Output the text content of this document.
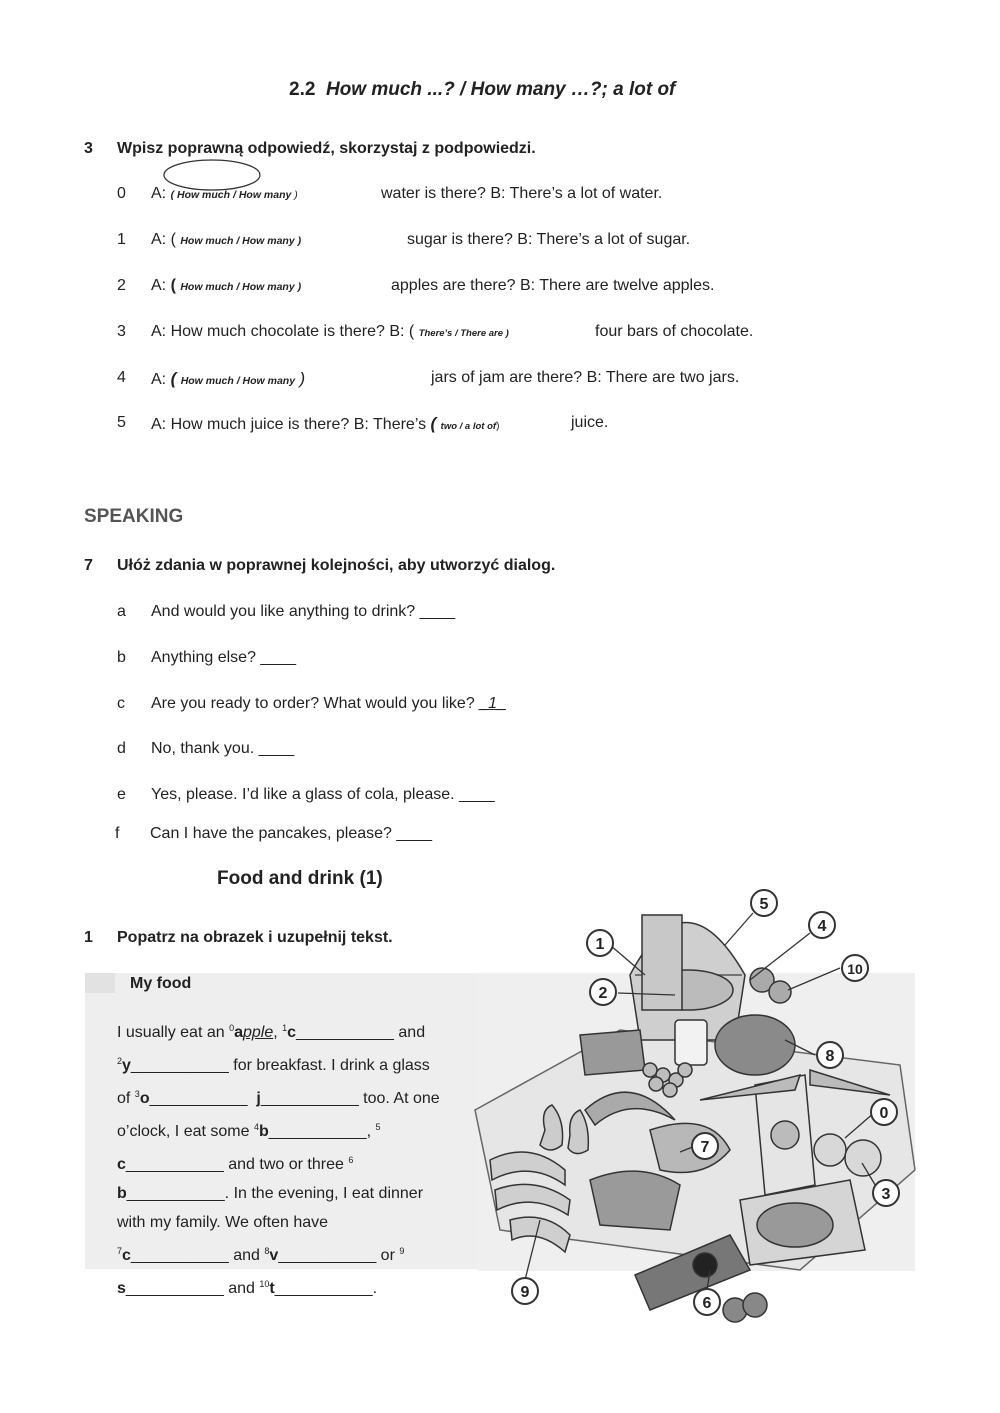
2.2 How much ...? / How many …?; a lot of
3 Wpisz poprawną odpowiedź, skorzystaj z podpowiedzi.
0 A: ( How much / How many )	water is there? B: There’s a lot of water.
1 A: ( How much / How many )	sugar is there? B: There’s a lot of sugar.
2 A: ( How much / How many )	apples are there? B: There are twelve apples.
3 A: How much chocolate is there? B: ( There’s / There are )	four bars of chocolate.
4 A: ( How much / How many )	jars of jam are there? B: There are two jars.
5 A: How much juice is there? B: There’s ( two / a lot of)	juice.
SPEAKING
7 Ułóż zdania w poprawnej kolejności, aby utworzyć dialog.
a And would you like anything to drink? ____
b Anything else? ____
c Are you ready to order? What would you like? _1_
d No, thank you. ____
e Yes, please. I’d like a glass of cola, please. ____
f Can I have the pancakes, please? ____
Food and drink (1)
1 Popatrz na obrazek i uzupełnij tekst.
My food
I usually eat an $^0$apple, $^1$c___________ and
$^2$y___________ for breakfast. I drink a glass
of $^3$o___________ j___________ too. At one
o’clock, I eat some $^4$b___________, $^5$
c___________ and two or three $^6$
b___________. In the evening, I eat dinner
with my family. We often have
$^7$c___________ and $^8$v___________ or $^9$
s___________ and $^{10}$t___________.
1
2
3
0
4
5
6
7
8
9
10
